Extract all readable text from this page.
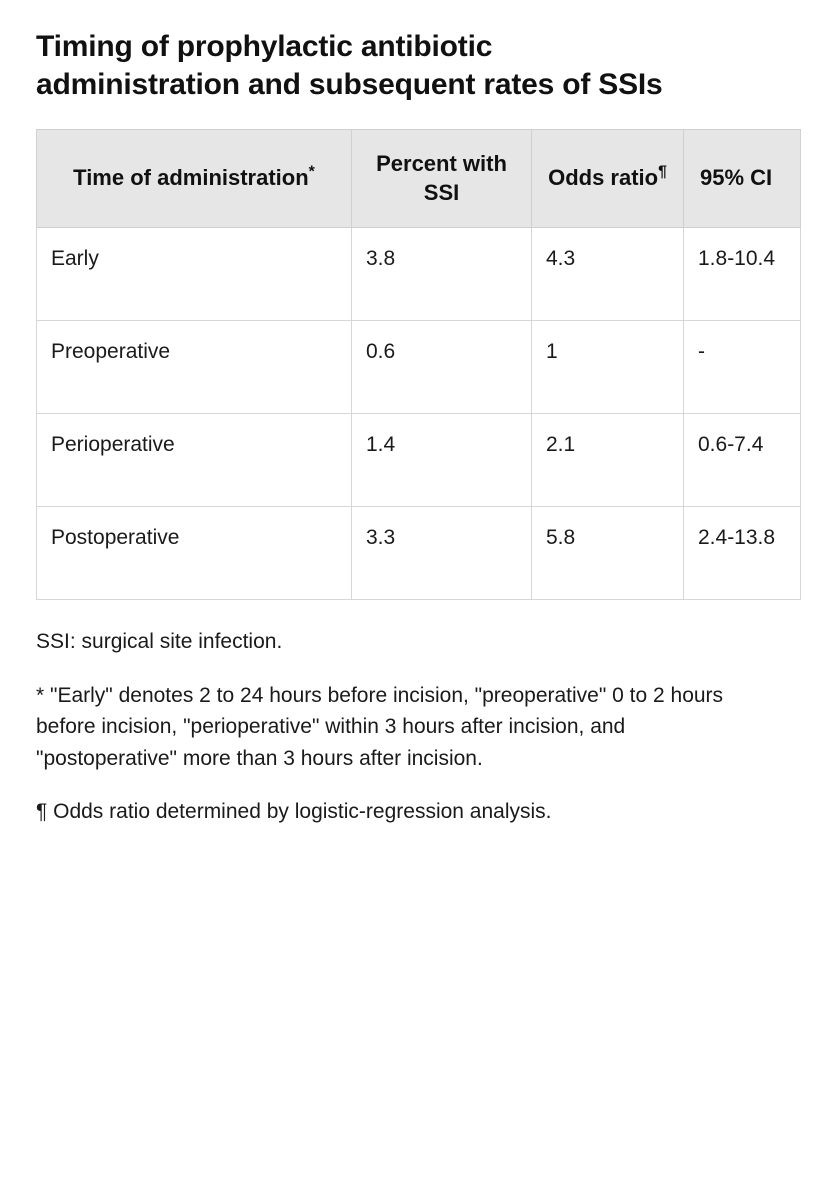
Timing of prophylactic antibiotic administration and subsequent rates of SSIs
Time of administration*	Percent with SSI	Odds ratio¶	95% CI
Early	3.8	4.3	1.8-10.4
Preoperative	0.6	1	-
Perioperative	1.4	2.1	0.6-7.4
Postoperative	3.3	5.8	2.4-13.8

SSI: surgical site infection.

* "Early" denotes 2 to 24 hours before incision, "preoperative" 0 to 2 hours before incision, "perioperative" within 3 hours after incision, and "postoperative" more than 3 hours after incision.

¶ Odds ratio determined by logistic-regression analysis.
